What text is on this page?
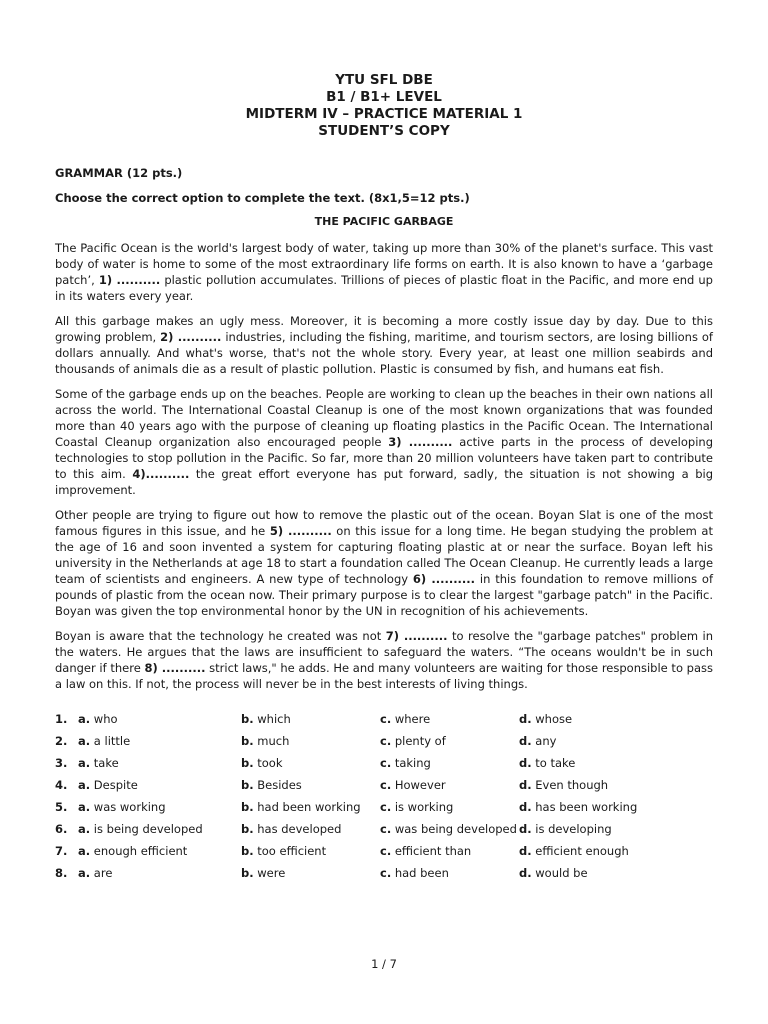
YTU SFL DBE
B1 / B1+ LEVEL
MIDTERM IV – PRACTICE MATERIAL 1
STUDENT’S COPY
GRAMMAR (12 pts.)
Choose the correct option to complete the text. (8x1,5=12 pts.)
THE PACIFIC GARBAGE

The Pacific Ocean is the world's largest body of water, taking up more than 30% of the planet's surface. This vast body of water is home to some of the most extraordinary life forms on earth. It is also known to have a ‘garbage patch’, 1) .......... plastic pollution accumulates. Trillions of pieces of plastic float in the Pacific, and more end up in its waters every year.

All this garbage makes an ugly mess. Moreover, it is becoming a more costly issue day by day. Due to this growing problem, 2) .......... industries, including the fishing, maritime, and tourism sectors, are losing billions of dollars annually. And what's worse, that's not the whole story. Every year, at least one million seabirds and thousands of animals die as a result of plastic pollution. Plastic is consumed by fish, and humans eat fish.

Some of the garbage ends up on the beaches. People are working to clean up the beaches in their own nations all across the world. The International Coastal Cleanup is one of the most known organizations that was founded more than 40 years ago with the purpose of cleaning up floating plastics in the Pacific Ocean. The International Coastal Cleanup organization also encouraged people 3) .......... active parts in the process of developing technologies to stop pollution in the Pacific. So far, more than 20 million volunteers have taken part to contribute to this aim. 4).......... the great effort everyone has put forward, sadly, the situation is not showing a big improvement.

Other people are trying to figure out how to remove the plastic out of the ocean. Boyan Slat is one of the most famous figures in this issue, and he 5) .......... on this issue for a long time. He began studying the problem at the age of 16 and soon invented a system for capturing floating plastic at or near the surface. Boyan left his university in the Netherlands at age 18 to start a foundation called The Ocean Cleanup. He currently leads a large team of scientists and engineers. A new type of technology 6) .......... in this foundation to remove millions of pounds of plastic from the ocean now. Their primary purpose is to clear the largest "garbage patch" in the Pacific. Boyan was given the top environmental honor by the UN in recognition of his achievements.

Boyan is aware that the technology he created was not 7) .......... to resolve the "garbage patches" problem in the waters. He argues that the laws are insufficient to safeguard the waters. “The oceans wouldn't be in such danger if there 8) .......... strict laws," he adds. He and many volunteers are waiting for those responsible to pass a law on this. If not, the process will never be in the best interests of living things.

1. a. who	b. which	c. where	d. whose
2. a. a little	b. much	c. plenty of	d. any
3. a. take	b. took	c. taking	d. to take
4. a. Despite	b. Besides	c. However	d. Even though
5. a. was working	b. had been working c. is working	d. has been working
6. a. is being developed	b. has developed	c. was being developed d. is developing
7. a. enough efficient	b. too efficient	c. efficient than	d. efficient enough
8. a. are	b. were	c. had been	d. would be
1 / 7
